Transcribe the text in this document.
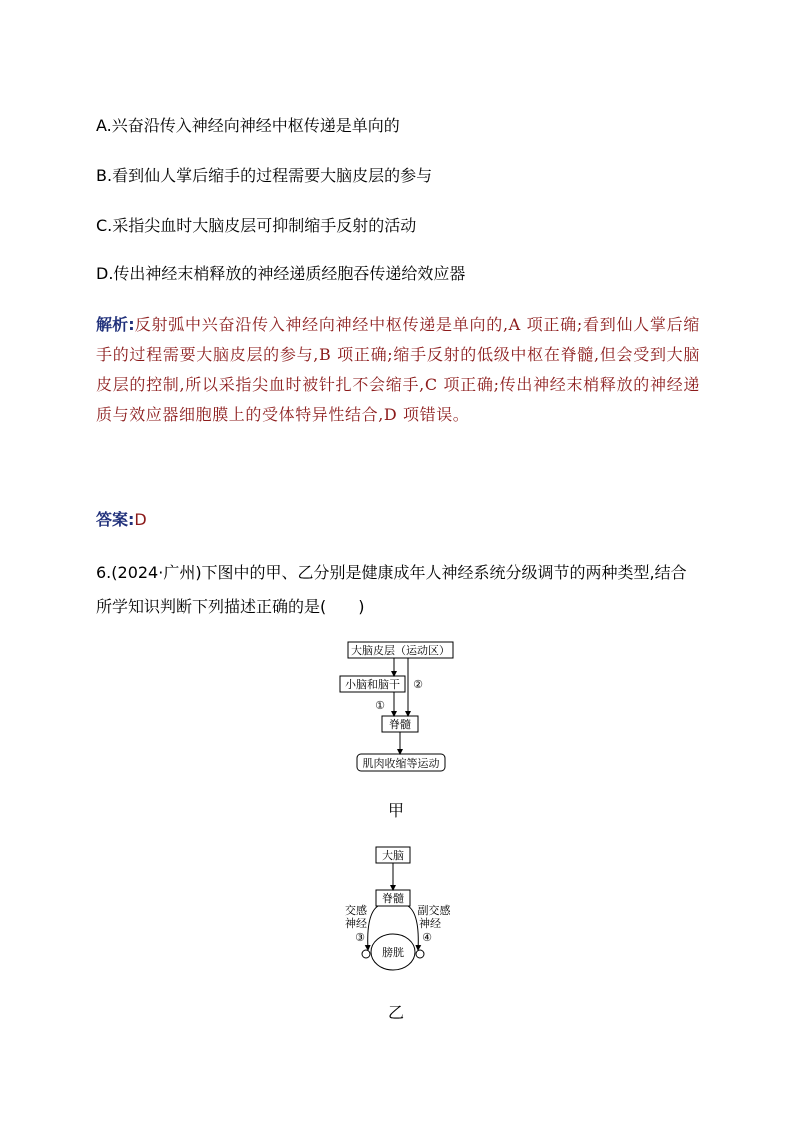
A.兴奋沿传入神经向神经中枢传递是单向的
B.看到仙人掌后缩手的过程需要大脑皮层的参与
C.采指尖血时大脑皮层可抑制缩手反射的活动
D.传出神经末梢释放的神经递质经胞吞传递给效应器
解析:反射弧中兴奋沿传入神经向神经中枢传递是单向的,A 项正确;看到仙人掌后缩手的过程需要大脑皮层的参与,B 项正确;缩手反射的低级中枢在脊髓,但会受到大脑皮层的控制,所以采指尖血时被针扎不会缩手,C 项正确;传出神经末梢释放的神经递质与效应器细胞膜上的受体特异性结合,D 项错误。
答案:D
6.(2024·广州)下图中的甲、乙分别是健康成年人神经系统分级调节的两种类型,结合所学知识判断下列描述正确的是(　　)
大脑皮层（运动区）
小脑和脑干
脊髓
肌肉收缩等运动
①
②
甲
大脑
脊髓
膀胱
交感
神经
③
副交感
神经
④
乙
